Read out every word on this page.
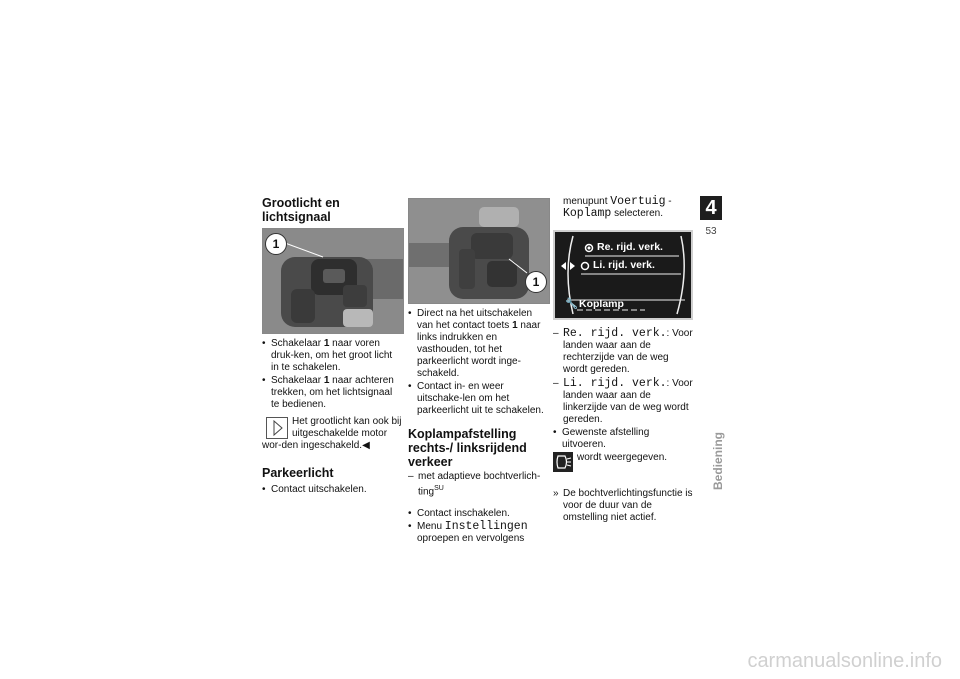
Grootlicht en lichtsignaal
1
• Schakelaar 1 naar voren druk-ken, om het groot licht in te schakelen.
• Schakelaar 1 naar achteren trekken, om het lichtsignaal te bedienen.
Het grootlicht kan ook bij uitgeschakelde motor wor-den ingeschakeld.◀
Parkeerlicht
• Contact uitschakelen.
1
• Direct na het uitschakelen van het contact toets 1 naar links indrukken en vasthouden, tot het parkeerlicht wordt inge-schakeld.
• Contact in- en weer uitschake-len om het parkeerlicht uit te schakelen.
Koplampafstelling rechts-/ linksrijdend verkeer
– met adaptieve bochtverlich-ting$^{SU}$
• Contact inschakelen.
• Menu Instellingen
oproepen en vervolgens
menupunt Voertuig -
Koplamp selecteren.
Re. rijd. verk.
Li. rijd. verk.
🔧 Koplamp
– Re. rijd. verk.: Voor landen waar aan de rechterzijde van de weg wordt gereden.
– Li. rijd. verk.: Voor landen waar aan de linkerzijde van de weg wordt gereden.
• Gewenste afstelling uitvoeren.
wordt weergegeven.
» De bochtverlichtingsfunctie is voor de duur van de omstelling niet actief.
4
53
Bediening
carmanualsonline.info
